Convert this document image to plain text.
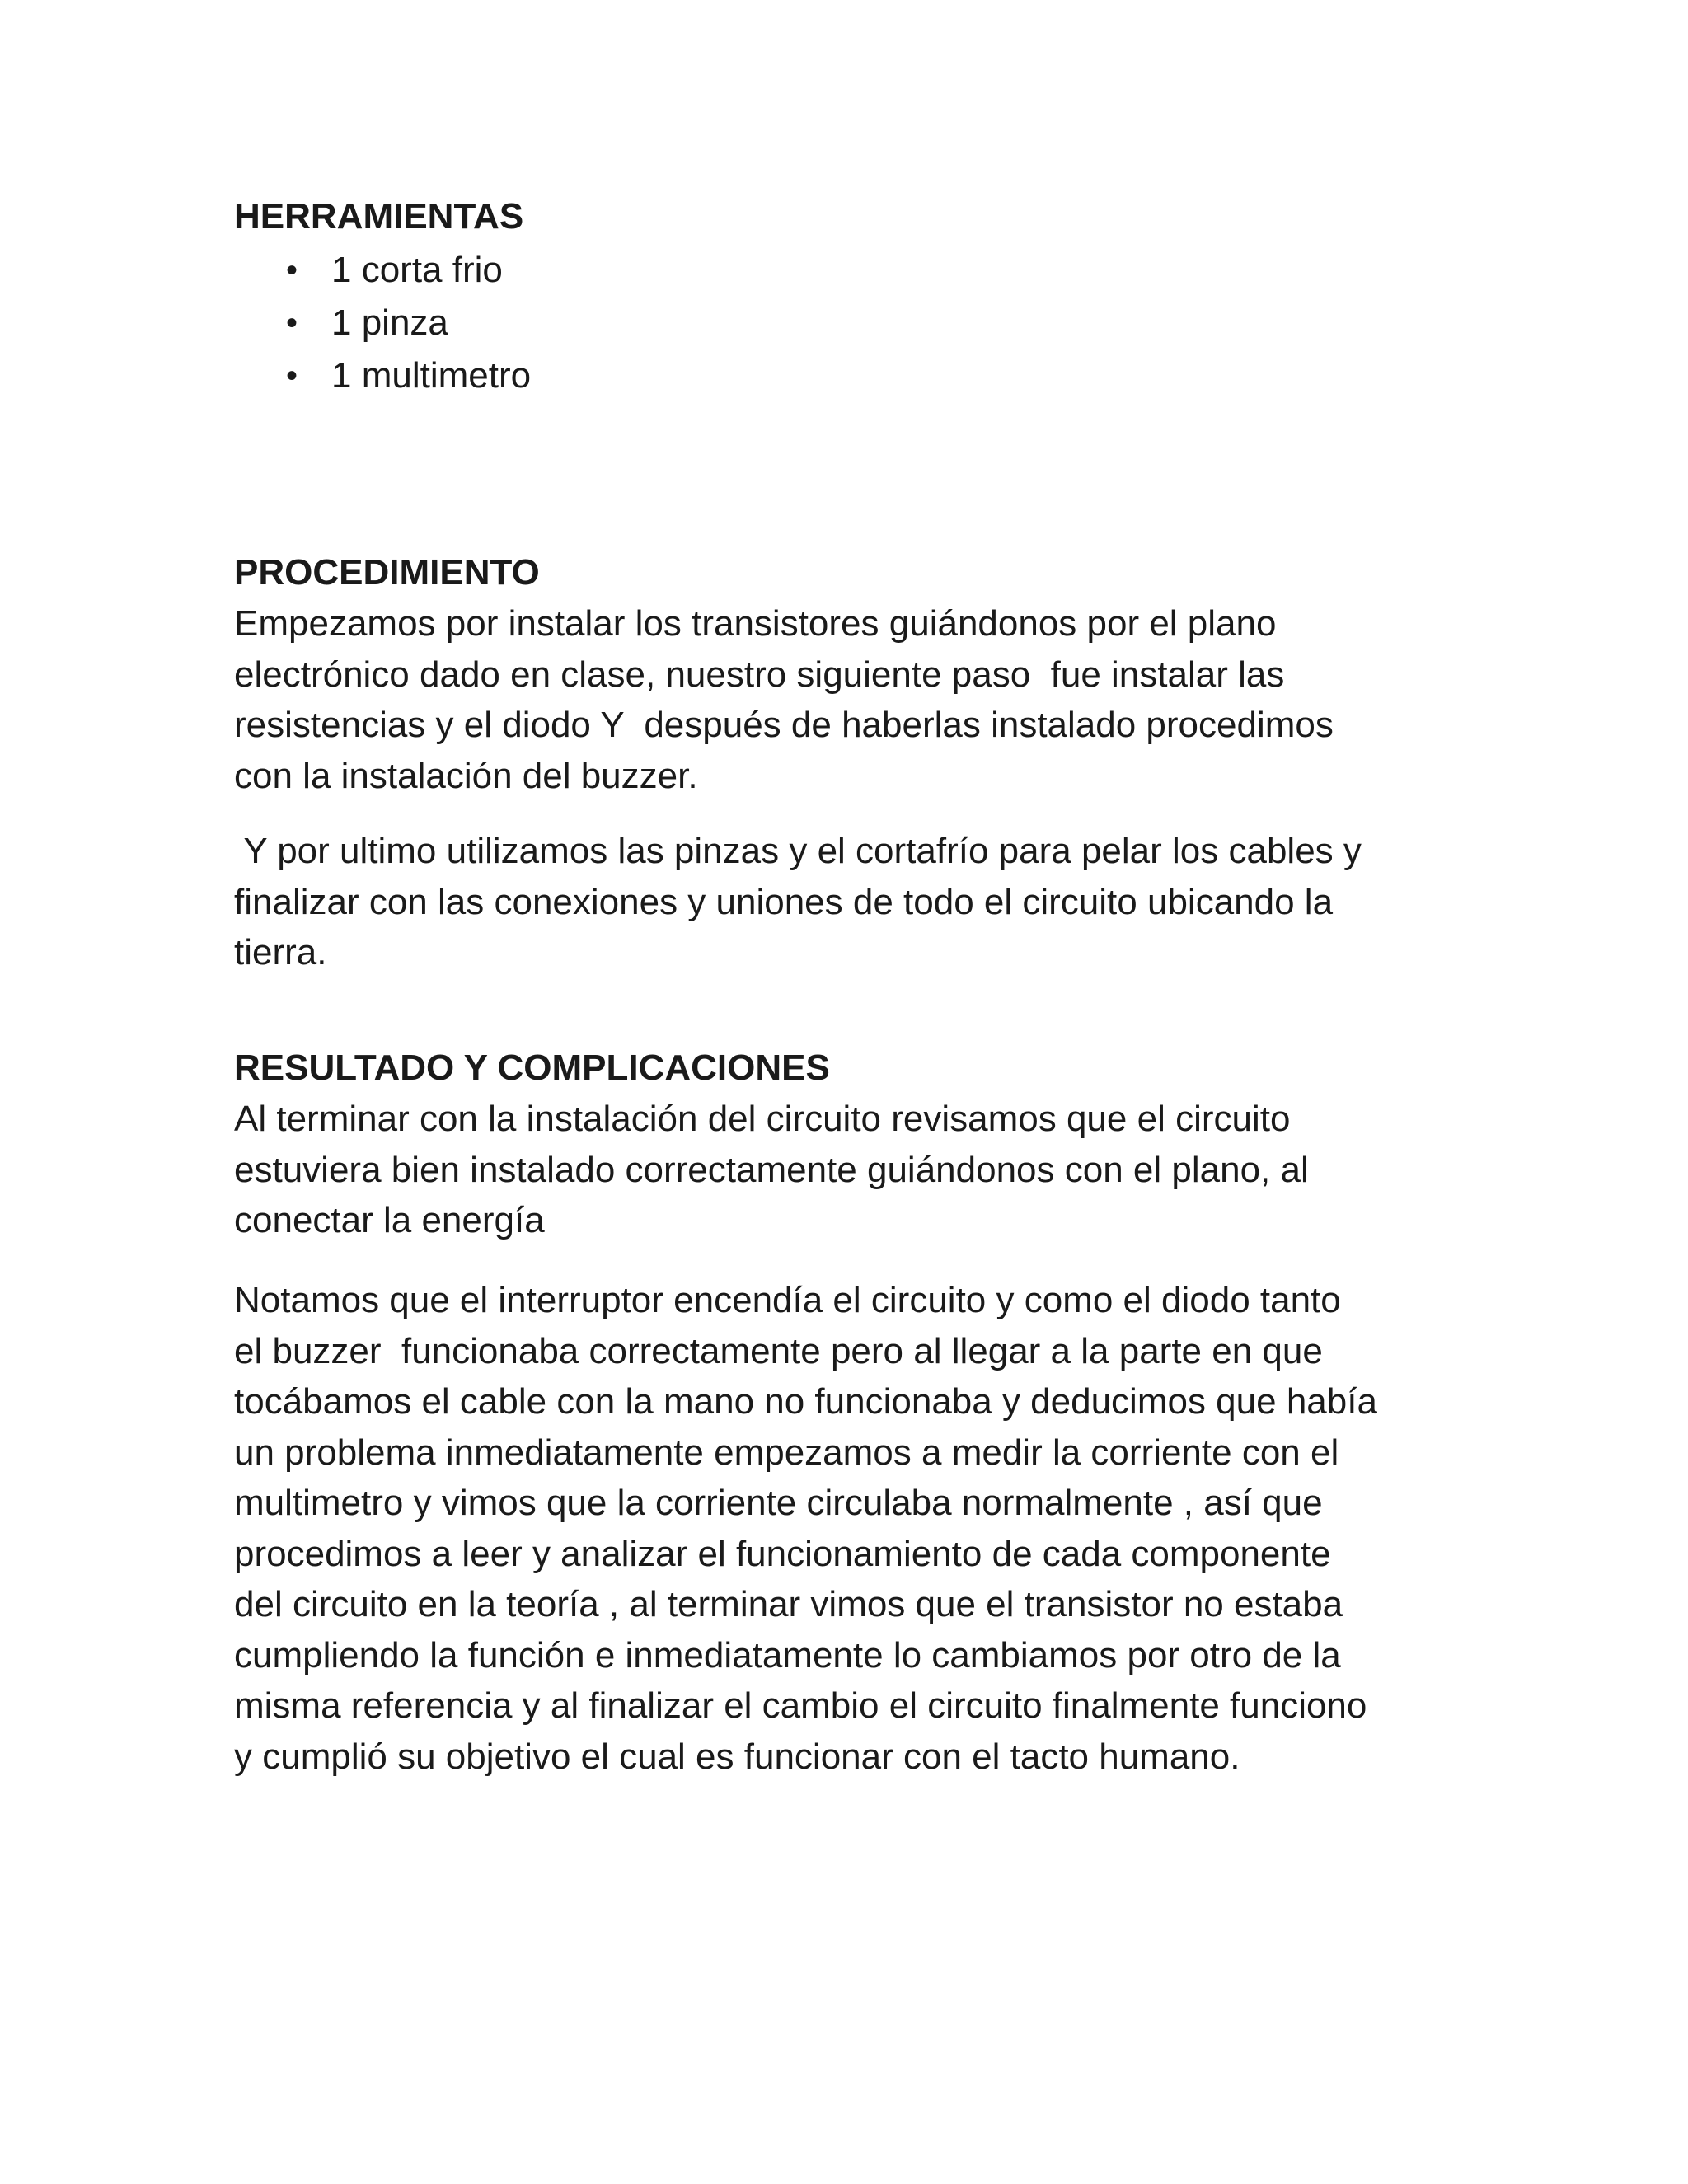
HERRAMIENTAS
• 1 corta frio
• 1 pinza
• 1 multimetro
PROCEDIMIENTO

Empezamos por instalar los transistores guiándonos por el plano
electrónico dado en clase, nuestro siguiente paso  fue instalar las
resistencias y el diodo Y  después de haberlas instalado procedimos
con la instalación del buzzer.

Y por ultimo utilizamos las pinzas y el cortafrío para pelar los cables y
finalizar con las conexiones y uniones de todo el circuito ubicando la
tierra.

RESULTADO Y COMPLICACIONES

Al terminar con la instalación del circuito revisamos que el circuito
estuviera bien instalado correctamente guiándonos con el plano, al
conectar la energía

Notamos que el interruptor encendía el circuito y como el diodo tanto
el buzzer  funcionaba correctamente pero al llegar a la parte en que
tocábamos el cable con la mano no funcionaba y deducimos que había
un problema inmediatamente empezamos a medir la corriente con el
multimetro y vimos que la corriente circulaba normalmente , así que
procedimos a leer y analizar el funcionamiento de cada componente
del circuito en la teoría , al terminar vimos que el transistor no estaba
cumpliendo la función e inmediatamente lo cambiamos por otro de la
misma referencia y al finalizar el cambio el circuito finalmente funciono
y cumplió su objetivo el cual es funcionar con el tacto humano.
